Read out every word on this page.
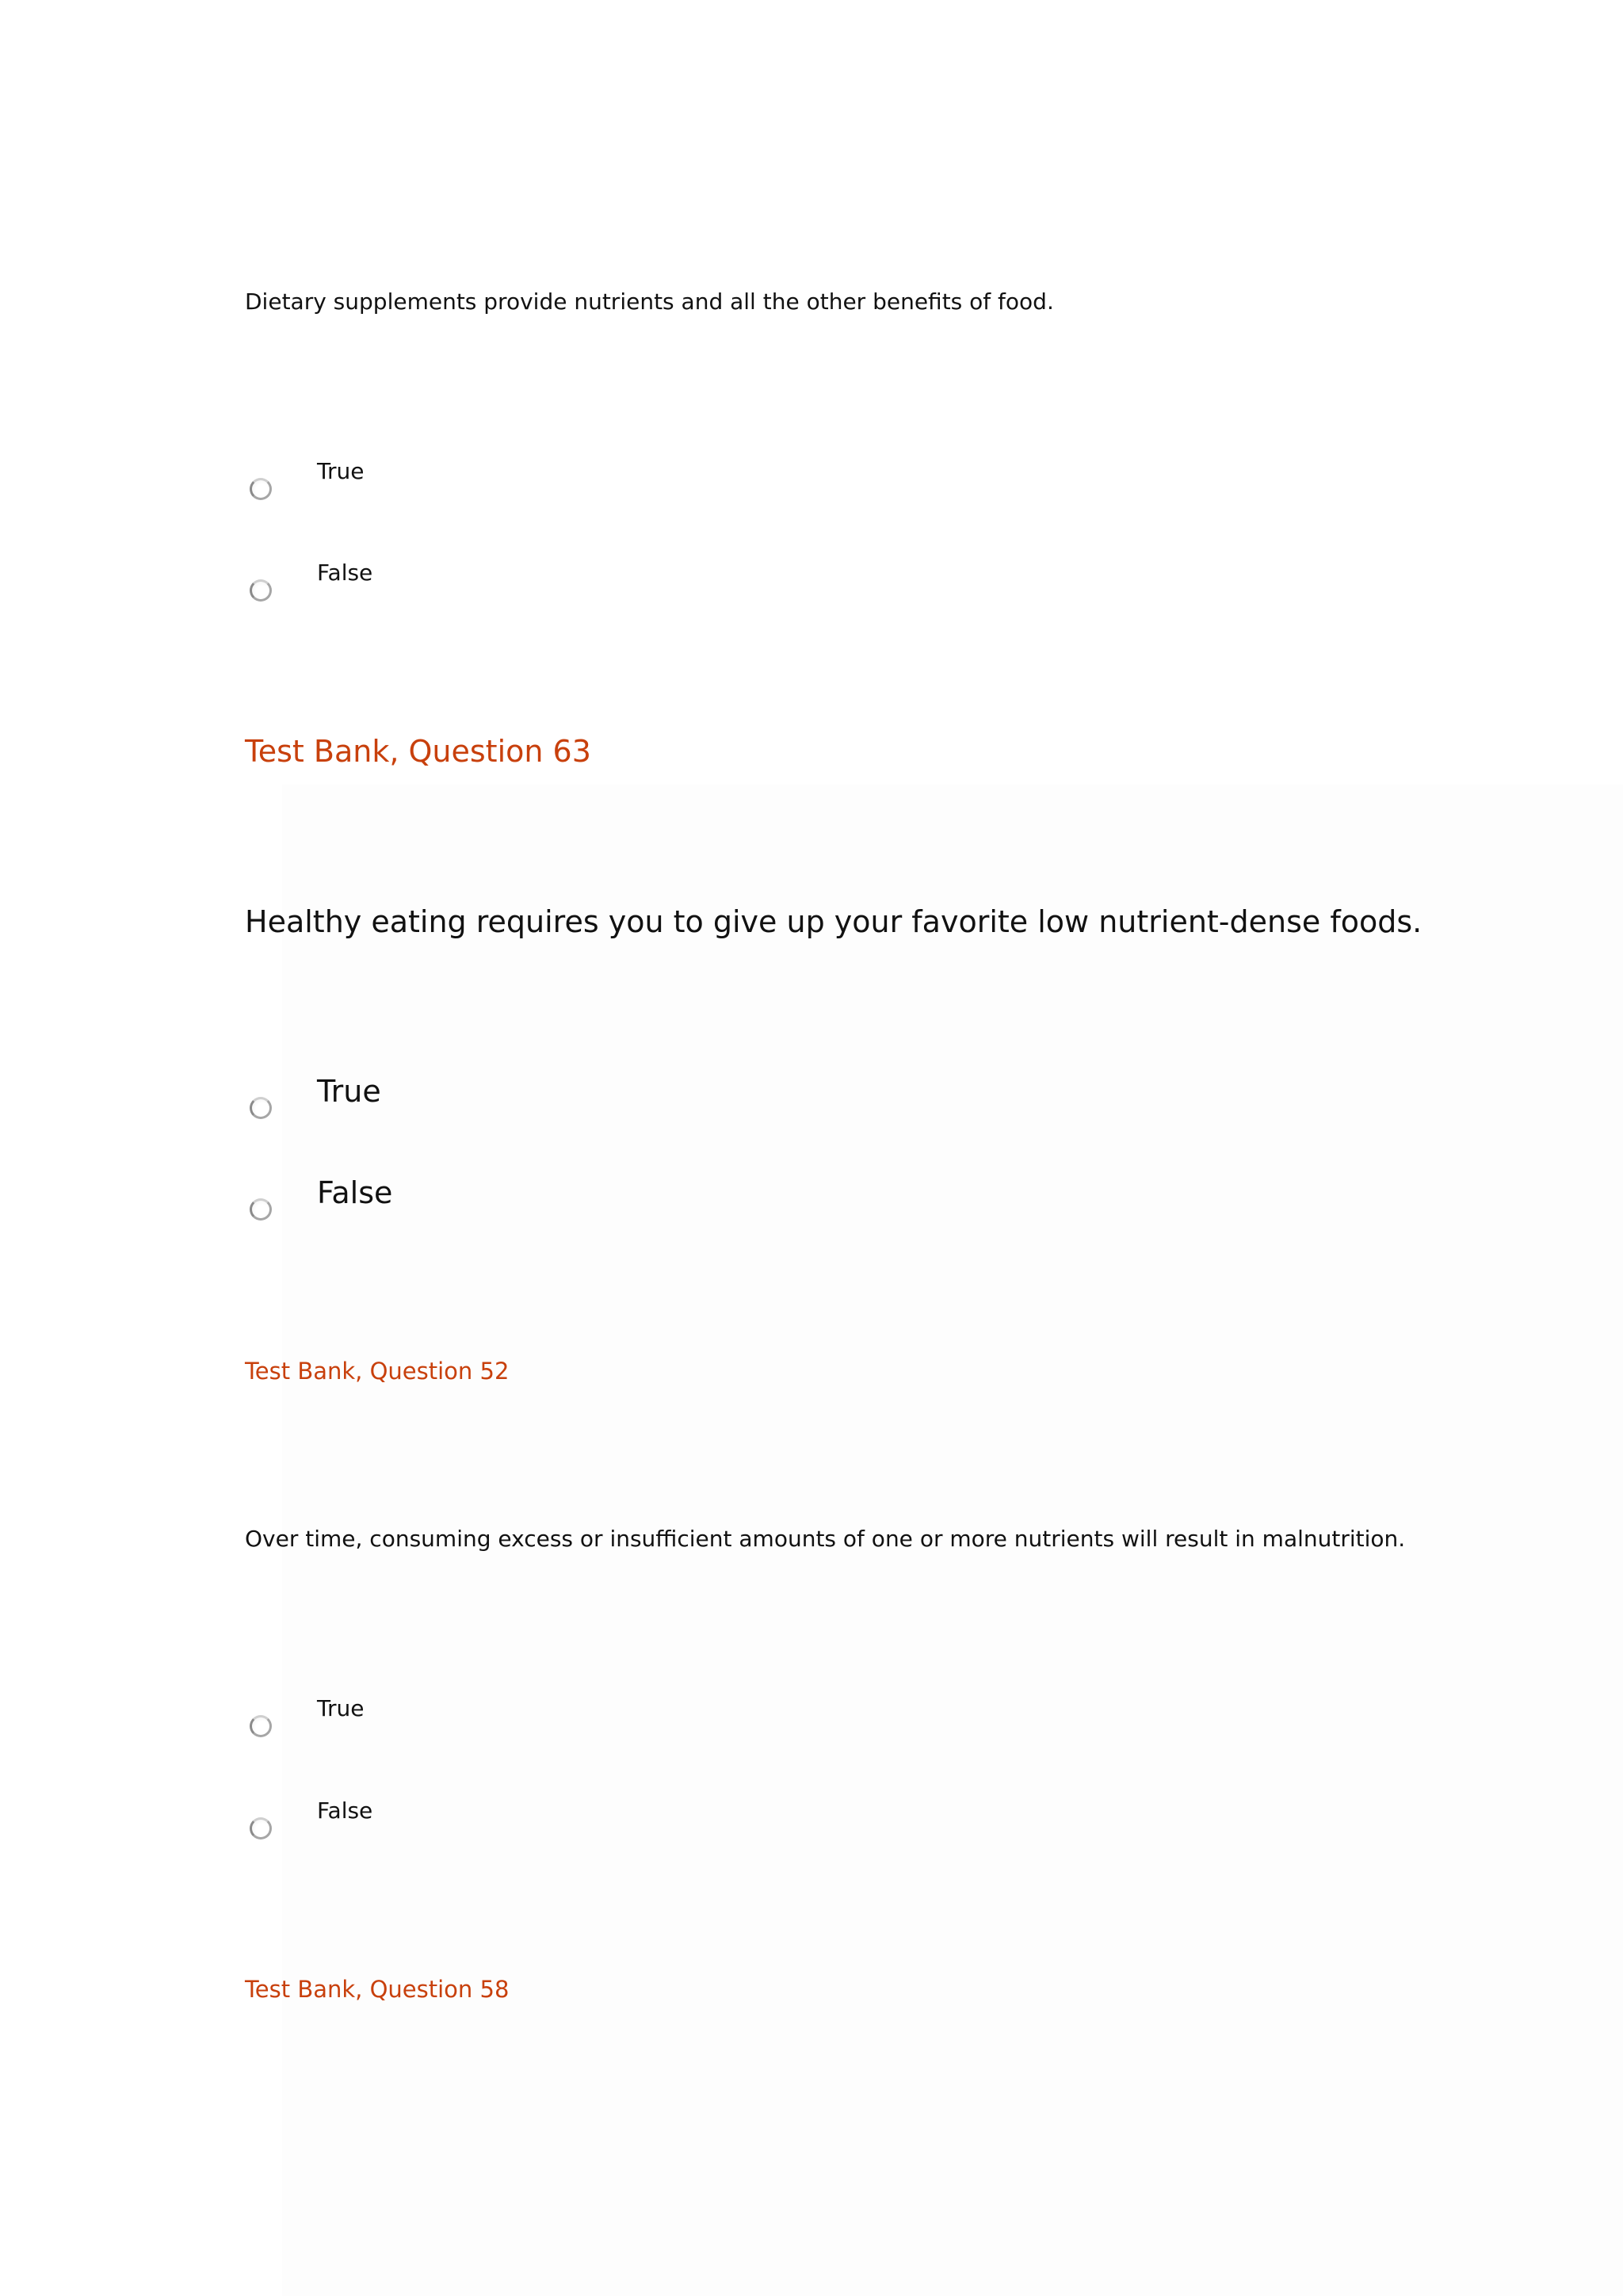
Dietary supplements provide nutrients and all the other benefits of food.
True
False
Test Bank, Question 63
Healthy eating requires you to give up your favorite low nutrient-dense foods.
True
False
Test Bank, Question 52
Over time, consuming excess or insufficient amounts of one or more nutrients will result in malnutrition.
True
False
Test Bank, Question 58
